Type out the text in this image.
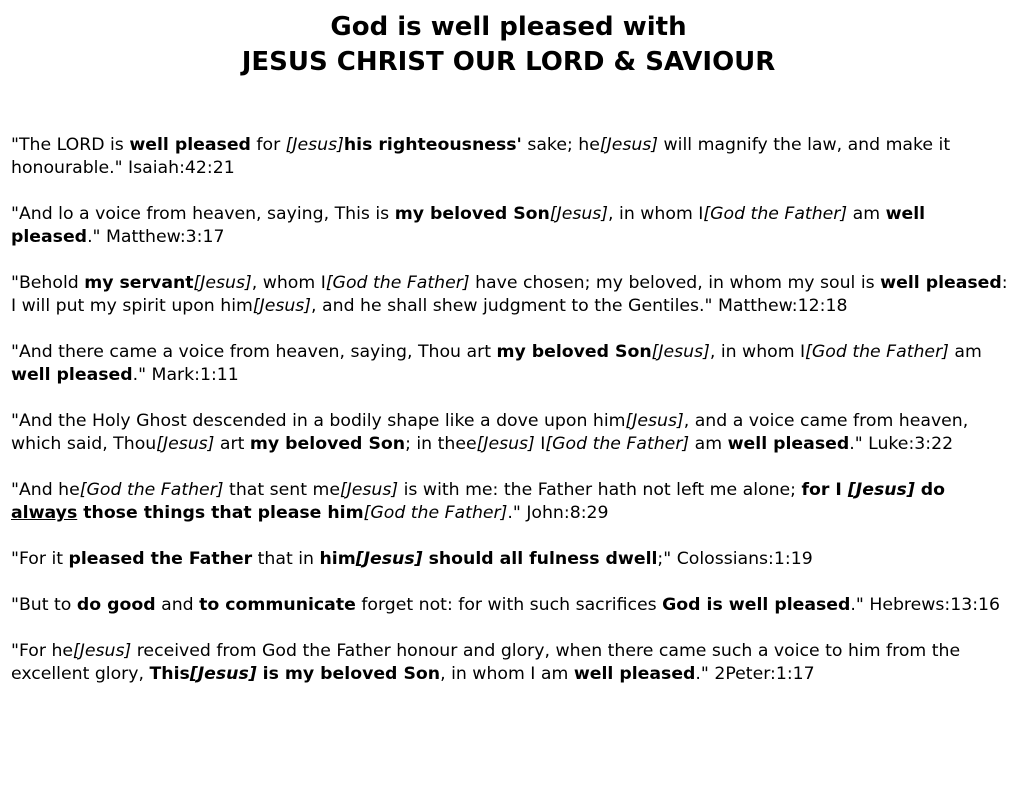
God is well pleased with
JESUS CHRIST OUR LORD & SAVIOUR

"The LORD is well pleased for [Jesus]his righteousness' sake; he[Jesus] will magnify the law, and make it honourable." Isaiah:42:21

"And lo a voice from heaven, saying, This is my beloved Son[Jesus], in whom I[God the Father] am well pleased." Matthew:3:17

"Behold my servant[Jesus], whom I[God the Father] have chosen; my beloved, in whom my soul is well pleased: I will put my spirit upon him[Jesus], and he shall shew judgment to the Gentiles." Matthew:12:18

"And there came a voice from heaven, saying, Thou art my beloved Son[Jesus], in whom I[God the Father] am well pleased." Mark:1:11

"And the Holy Ghost descended in a bodily shape like a dove upon him[Jesus], and a voice came from heaven, which said, Thou[Jesus] art my beloved Son; in thee[Jesus] I[God the Father] am well pleased." Luke:3:22

"And he[God the Father] that sent me[Jesus] is with me: the Father hath not left me alone; for I [Jesus] do always those things that please him[God the Father]." John:8:29

"For it pleased the Father that in him[Jesus] should all fulness dwell;" Colossians:1:19

"But to do good and to communicate forget not: for with such sacrifices God is well pleased." Hebrews:13:16

"For he[Jesus] received from God the Father honour and glory, when there came such a voice to him from the excellent glory, This[Jesus] is my beloved Son, in whom I am well pleased." 2Peter:1:17
